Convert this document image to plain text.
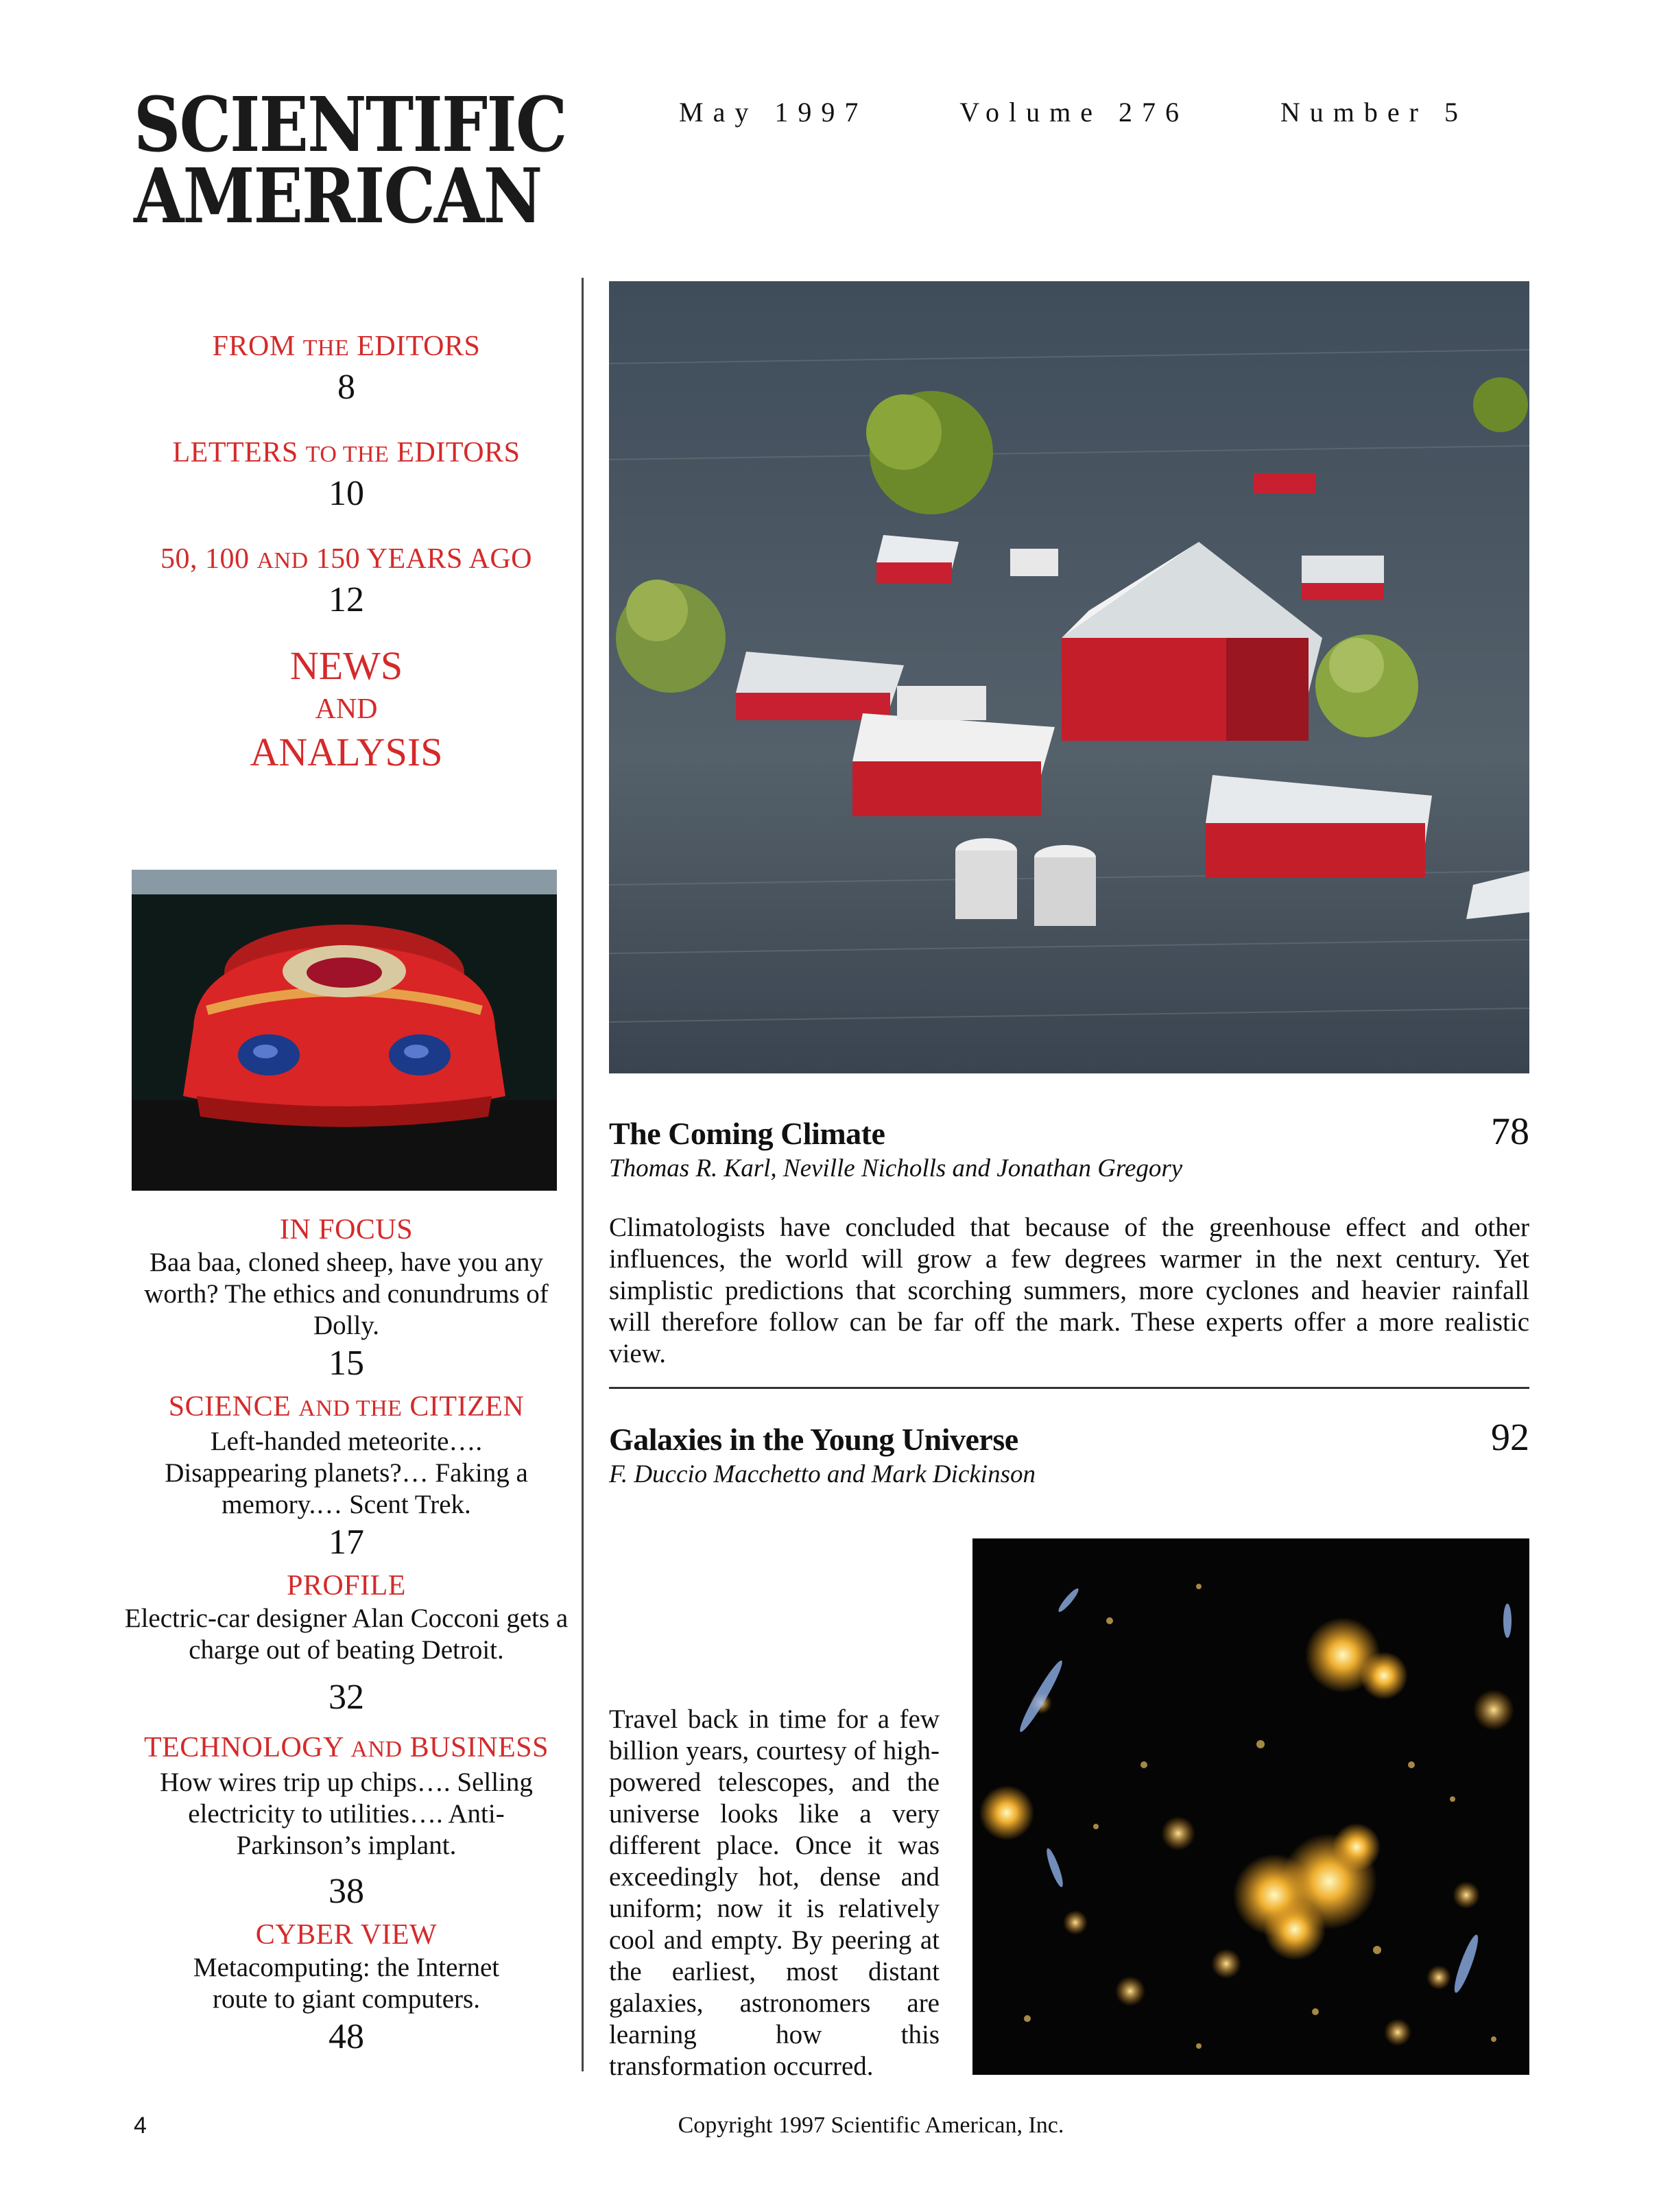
SCIENTIFIC
AMERICAN
May 1997	Volume 276	Number 5
FROM THE EDITORS
8
LETTERS TO THE EDITORS
10
50, 100 AND 150 YEARS AGO
12
NEWS
AND
ANALYSIS
IN FOCUS
Baa baa, cloned sheep, have you any worth? The ethics and conundrums of Dolly.
15
SCIENCE AND THE CITIZEN
Left-handed meteorite…. Disappearing planets?… Faking a memory.… Scent Trek.
17
PROFILE
Electric-car designer Alan Cocconi gets a charge out of beating Detroit.
32
TECHNOLOGY AND BUSINESS
How wires trip up chips…. Selling electricity to utilities…. Anti-Parkinson’s implant.
38
CYBER VIEW
Metacomputing: the Internet route to giant computers.
48
The Coming Climate	78
Thomas R. Karl, Neville Nicholls and Jonathan Gregory
Climatologists have concluded that because of the greenhouse effect and other influences, the world will grow a few degrees warmer in the next century. Yet simplistic predictions that scorching summers, more cyclones and heavier rainfall will therefore follow can be far off the mark. These experts offer a more realistic view.
Galaxies in the Young Universe	92
F. Duccio Macchetto and Mark Dickinson
Travel back in time for a few billion years, courtesy of high-powered telescopes, and the universe looks like a very different place. Once it was exceedingly hot, dense and uniform; now it is relatively cool and empty. By peering at the earliest, most distant galaxies, astronomers are learning how this transformation occurred.
4	Copyright 1997 Scientific American, Inc.
